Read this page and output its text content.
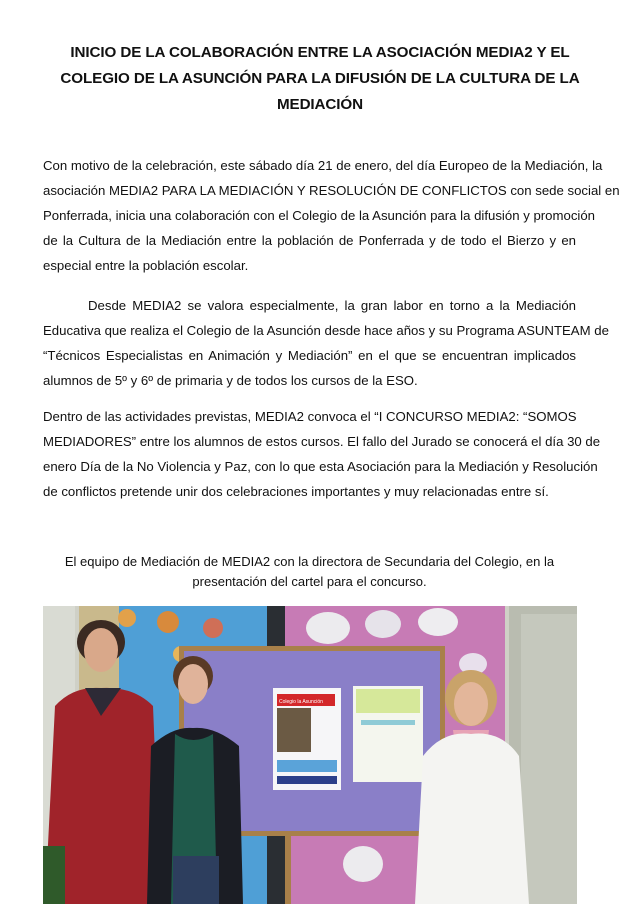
INICIO DE LA COLABORACIÓN ENTRE LA ASOCIACIÓN MEDIA2 Y EL
COLEGIO DE LA ASUNCIÓN PARA LA DIFUSIÓN DE LA CULTURA DE LA
MEDIACIÓN
Con motivo de la celebración, este sábado día 21 de enero, del día Europeo de la Mediación, la
asociación MEDIA2 PARA LA MEDIACIÓN Y RESOLUCIÓN DE CONFLICTOS con sede social en
Ponferrada, inicia una colaboración con el Colegio de la Asunción para la difusión y promoción
de la Cultura de la Mediación entre la población de Ponferrada y de todo el Bierzo y en
especial entre la población escolar.
Desde MEDIA2 se valora especialmente, la gran labor en torno a la Mediación
Educativa que realiza el Colegio de la Asunción desde hace años y su Programa ASUNTEAM de
“Técnicos Especialistas en Animación y Mediación” en el que se encuentran implicados
alumnos de 5º y 6º de primaria y de todos los cursos de la ESO.
Dentro de las actividades previstas, MEDIA2 convoca el “I CONCURSO MEDIA2: “SOMOS
MEDIADORES” entre los alumnos de estos cursos. El fallo del Jurado se conocerá el día 30 de
enero Día de la No Violencia y Paz, con lo que esta Asociación para la Mediación y Resolución
de conflictos pretende unir dos celebraciones importantes y muy relacionadas entre sí.
El equipo de Mediación de MEDIA2 con la directora de Secundaria del Colegio, en la
presentación del cartel para el concurso.
Colegio la Asunción
